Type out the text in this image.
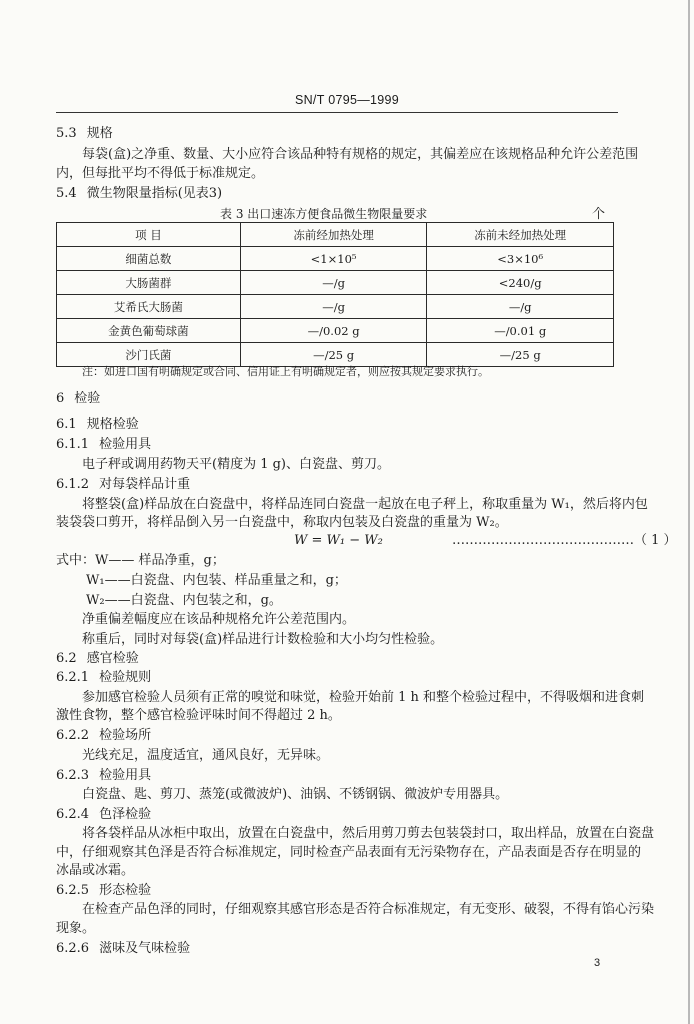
SN/T 0795—1999
5.3 规格
每袋(盒)之净重、数量、大小应符合该品种特有规格的规定，其偏差应在该规格品种允许公差范围
内，但每批平均不得低于标准规定。
5.4 微生物限量指标(见表3)
表 3 出口速冻方便食品微生物限量要求	个
项 目	冻前经加热处理	冻前未经加热处理
细菌总数	<1×10⁵	<3×10⁶
大肠菌群	—/g	<240/g
艾希氏大肠菌	—/g	—/g
金黄色葡萄球菌	—/0.02 g	—/0.01 g
沙门氏菌	—/25 g	—/25 g
注：如进口国有明确规定或合同、信用证上有明确规定者，则应按其规定要求执行。
6 检验
6.1 规格检验
6.1.1 检验用具
电子秤或调用药物天平(精度为 1 g)、白瓷盘、剪刀。
6.1.2 对每袋样品计重
将整袋(盒)样品放在白瓷盘中，将样品连同白瓷盘一起放在电子秤上，称取重量为 W₁，然后将内包
装袋袋口剪开，将样品倒入另一白瓷盘中，称取内包装及白瓷盘的重量为 W₂。
W = W₁ − W₂	……………………………………（ 1 ）
式中：W—— 样品净重，g；
W₁——白瓷盘、内包装、样品重量之和，g；
W₂——白瓷盘、内包装之和，g。
净重偏差幅度应在该品种规格允许公差范围内。
称重后，同时对每袋(盒)样品进行计数检验和大小均匀性检验。
6.2 感官检验
6.2.1 检验规则
参加感官检验人员须有正常的嗅觉和味觉，检验开始前 1 h 和整个检验过程中，不得吸烟和进食刺
激性食物，整个感官检验评味时间不得超过 2 h。
6.2.2 检验场所
光线充足，温度适宜，通风良好，无异味。
6.2.3 检验用具
白瓷盘、匙、剪刀、蒸笼(或微波炉)、油锅、不锈钢锅、微波炉专用器具。
6.2.4 色泽检验
将各袋样品从冰柜中取出，放置在白瓷盘中，然后用剪刀剪去包装袋封口，取出样品，放置在白瓷盘
中，仔细观察其色泽是否符合标准规定，同时检查产品表面有无污染物存在，产品表面是否存在明显的
冰晶或冰霜。
6.2.5 形态检验
在检查产品色泽的同时，仔细观察其感官形态是否符合标准规定，有无变形、破裂，不得有馅心污染
现象。
6.2.6 滋味及气味检验
3
